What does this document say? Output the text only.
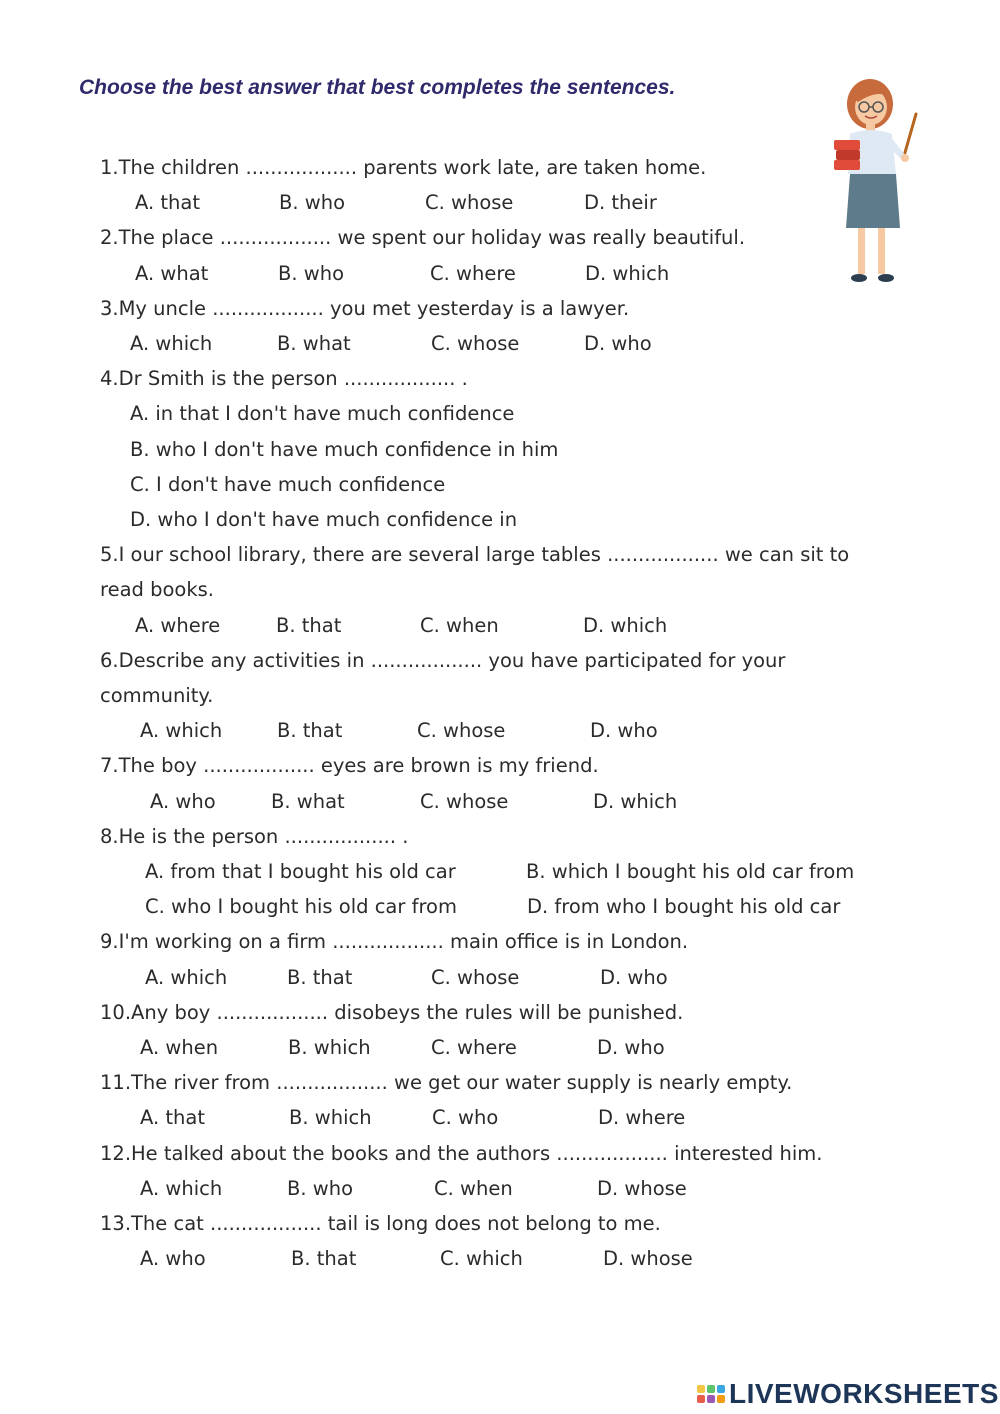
Choose the best answer that best completes the sentences.
1.The children .................. parents work late, are taken home.
A. that	B. who	C. whose	D. their
2.The place .................. we spent our holiday was really beautiful.
A. what	B. who	C. where	D. which
3.My uncle .................. you met yesterday is a lawyer.
A. which	B. what	C. whose	D. who
4.Dr Smith is the person .................. .
A. in that I don't have much confidence
B. who I don't have much confidence in him
C. I don't have much confidence
D. who I don't have much confidence in
5.I our school library, there are several large tables .................. we can sit to
read books.
A. where	B. that	C. when	D. which
6.Describe any activities in .................. you have participated for your
community.
A. which	B. that	C. whose	D. who
7.The boy .................. eyes are brown is my friend.
A. who	B. what	C. whose	D. which
8.He is the person .................. .
A. from that I bought his old car	B. which I bought his old car from
C. who I bought his old car from	D. from who I bought his old car
9.I'm working on a firm .................. main office is in London.
A. which	B. that	C. whose	D. who
10.Any boy .................. disobeys the rules will be punished.
A. when	B. which	C. where	D. who
11.The river from .................. we get our water supply is nearly empty.
A. that	B. which	C. who	D. where
12.He talked about the books and the authors .................. interested him.
A. which	B. who	C. when	D. whose
13.The cat .................. tail is long does not belong to me.
A. who	B. that	C. which	D. whose
LIVEWORKSHEETS
